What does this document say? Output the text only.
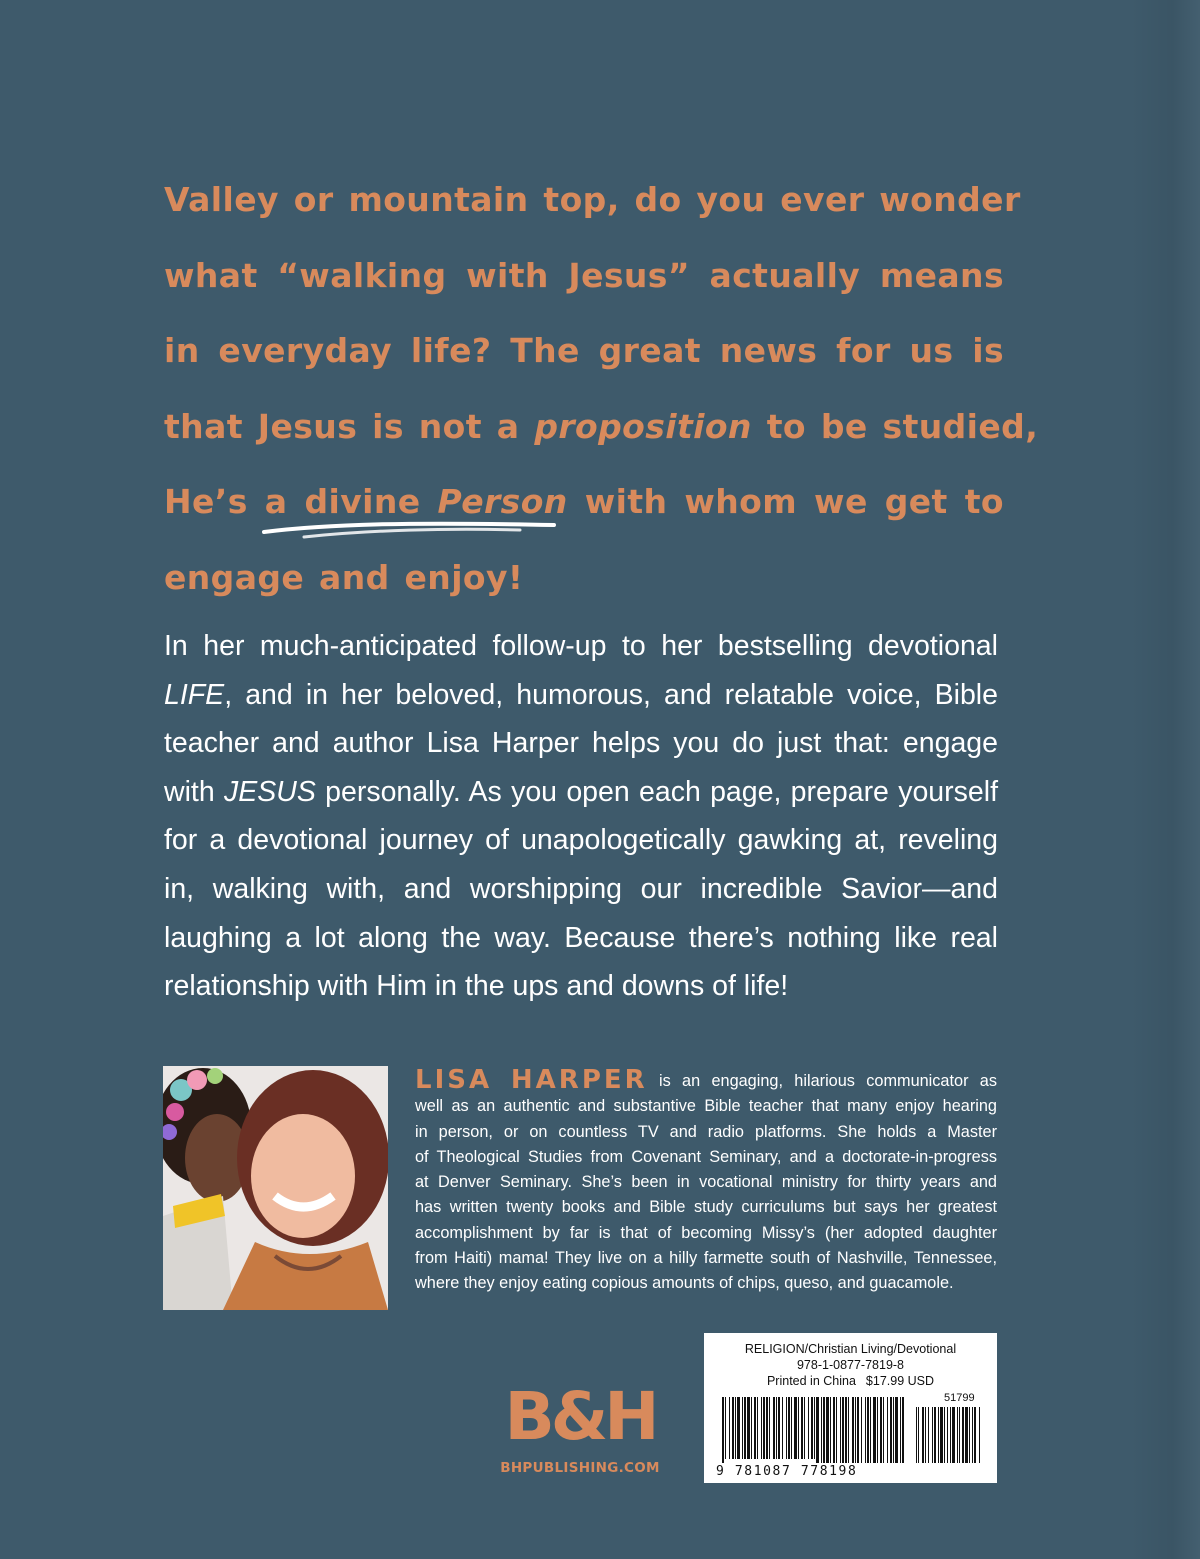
Valley or mountain top, do you ever wonder
what “walking with Jesus” actually means
in everyday life? The great news for us is
that Jesus is not a proposition to be studied,
He’s a divine Person with whom we get to
engage and enjoy!
In her much-anticipated follow-up to her bestselling devotional
LIFE, and in her beloved, humorous, and relatable voice, Bible
teacher and author Lisa Harper helps you do just that: engage
with JESUS personally. As you open each page, prepare yourself
for a devotional journey of unapologetically gawking at, reveling
in, walking with, and worshipping our incredible Savior—and
laughing a lot along the way. Because there’s nothing like real
relationship with Him in the ups and downs of life!
LISA HARPER is an engaging, hilarious communicator as
well as an authentic and substantive Bible teacher that many enjoy hearing
in person, or on countless TV and radio platforms. She holds a Master
of Theological Studies from Covenant Seminary, and a doctorate-in-progress
at Denver Seminary. She’s been in vocational ministry for thirty years and
has written twenty books and Bible study curriculums but says her greatest
accomplishment by far is that of becoming Missy’s (her adopted daughter
from Haiti) mama! They live on a hilly farmette south of Nashville, Tennessee,
where they enjoy eating copious amounts of chips, queso, and guacamole.
B&H
BHPUBLISHING.COM
RELIGION/Christian Living/Devotional
978-1-0877-7819-8
Printed in China $17.99 USD
51799
9 781087 778198
